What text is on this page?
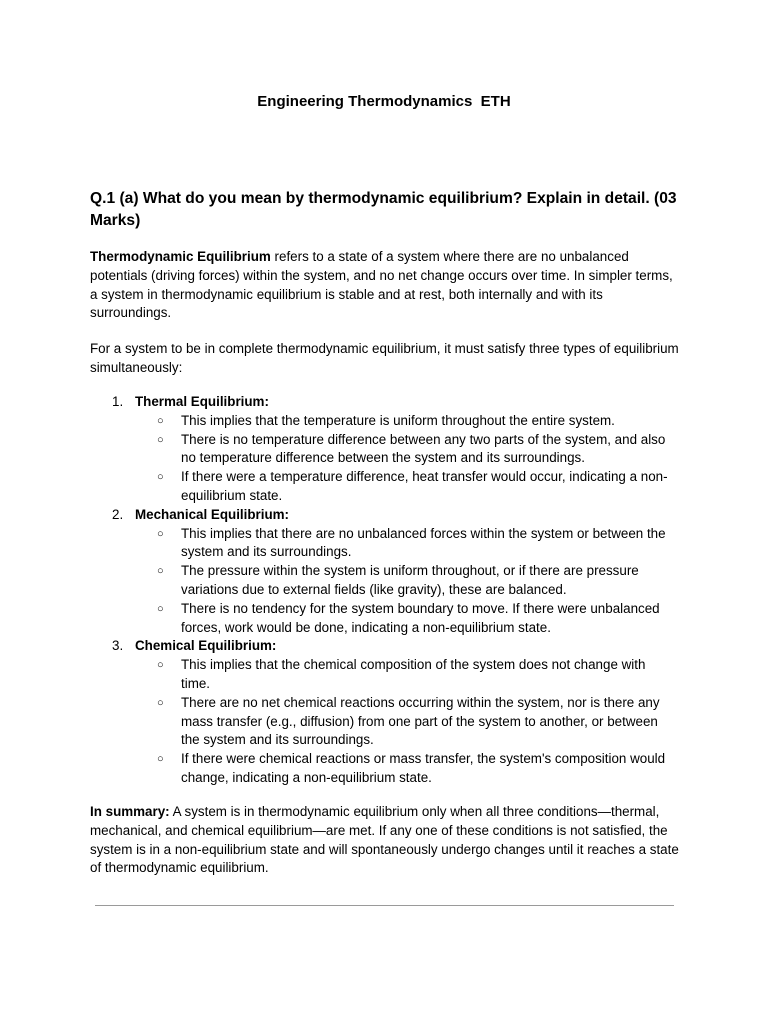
Engineering Thermodynamics  ETH
Q.1 (a) What do you mean by thermodynamic equilibrium? Explain in detail. (03 Marks)
Thermodynamic Equilibrium refers to a state of a system where there are no unbalanced potentials (driving forces) within the system, and no net change occurs over time. In simpler terms, a system in thermodynamic equilibrium is stable and at rest, both internally and with its surroundings.
For a system to be in complete thermodynamic equilibrium, it must satisfy three types of equilibrium simultaneously:
1. Thermal Equilibrium:
○ This implies that the temperature is uniform throughout the entire system.
○ There is no temperature difference between any two parts of the system, and also no temperature difference between the system and its surroundings.
○ If there were a temperature difference, heat transfer would occur, indicating a non-equilibrium state.
2. Mechanical Equilibrium:
○ This implies that there are no unbalanced forces within the system or between the system and its surroundings.
○ The pressure within the system is uniform throughout, or if there are pressure variations due to external fields (like gravity), these are balanced.
○ There is no tendency for the system boundary to move. If there were unbalanced forces, work would be done, indicating a non-equilibrium state.
3. Chemical Equilibrium:
○ This implies that the chemical composition of the system does not change with time.
○ There are no net chemical reactions occurring within the system, nor is there any mass transfer (e.g., diffusion) from one part of the system to another, or between the system and its surroundings.
○ If there were chemical reactions or mass transfer, the system's composition would change, indicating a non-equilibrium state.
In summary: A system is in thermodynamic equilibrium only when all three conditions—thermal, mechanical, and chemical equilibrium—are met. If any one of these conditions is not satisfied, the system is in a non-equilibrium state and will spontaneously undergo changes until it reaches a state of thermodynamic equilibrium.
